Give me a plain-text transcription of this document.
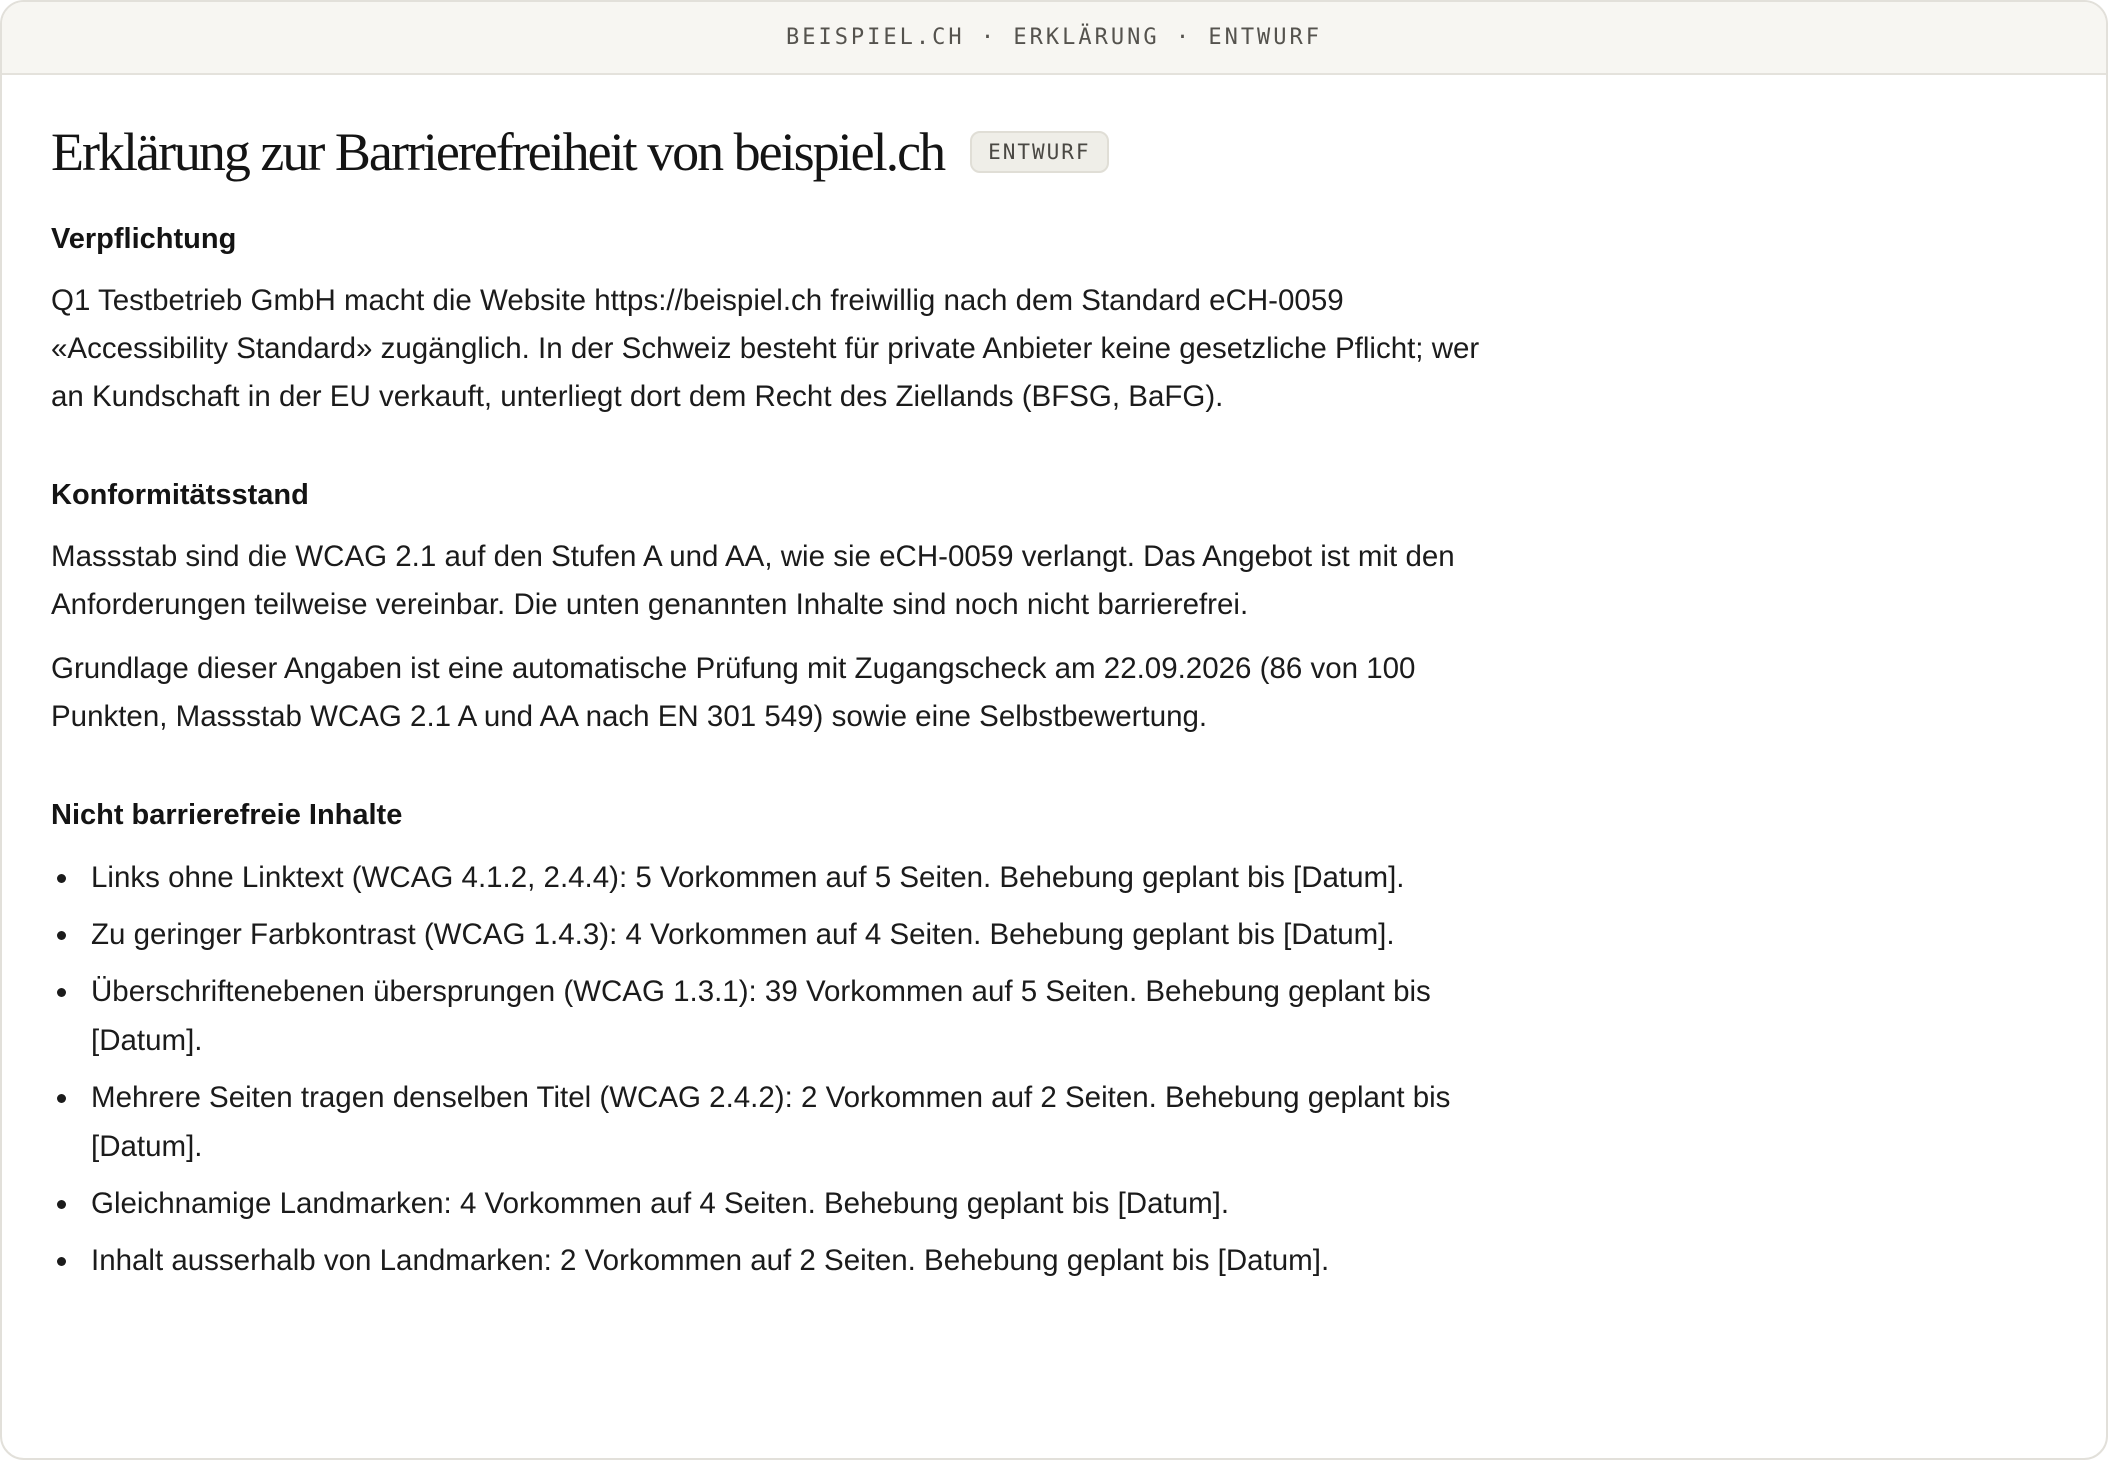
BEISPIEL.CH · ERKLÄRUNG · ENTWURF
Erklärung zur Barrierefreiheit von beispiel.ch	ENTWURF
Verpflichtung

Q1 Testbetrieb GmbH macht die Website https://beispiel.ch freiwillig nach dem Standard eCH-0059 «Accessibility Standard» zugänglich. In der Schweiz besteht für private Anbieter keine gesetzliche Pflicht; wer an Kundschaft in der EU verkauft, unterliegt dort dem Recht des Ziellands (BFSG, BaFG).

Konformitätsstand

Massstab sind die WCAG 2.1 auf den Stufen A und AA, wie sie eCH-0059 verlangt. Das Angebot ist mit den Anforderungen teilweise vereinbar. Die unten genannten Inhalte sind noch nicht barrierefrei.

Grundlage dieser Angaben ist eine automatische Prüfung mit Zugangscheck am 22.09.2026 (86 von 100 Punkten, Massstab WCAG 2.1 A und AA nach EN 301 549) sowie eine Selbstbewertung.

Nicht barrierefreie Inhalte
Links ohne Linktext (WCAG 4.1.2, 2.4.4): 5 Vorkommen auf 5 Seiten. Behebung geplant bis [Datum].
Zu geringer Farbkontrast (WCAG 1.4.3): 4 Vorkommen auf 4 Seiten. Behebung geplant bis [Datum].
Überschriftenebenen übersprungen (WCAG 1.3.1): 39 Vorkommen auf 5 Seiten. Behebung geplant bis [Datum].
Mehrere Seiten tragen denselben Titel (WCAG 2.4.2): 2 Vorkommen auf 2 Seiten. Behebung geplant bis [Datum].
Gleichnamige Landmarken: 4 Vorkommen auf 4 Seiten. Behebung geplant bis [Datum].
Inhalt ausserhalb von Landmarken: 2 Vorkommen auf 2 Seiten. Behebung geplant bis [Datum].
